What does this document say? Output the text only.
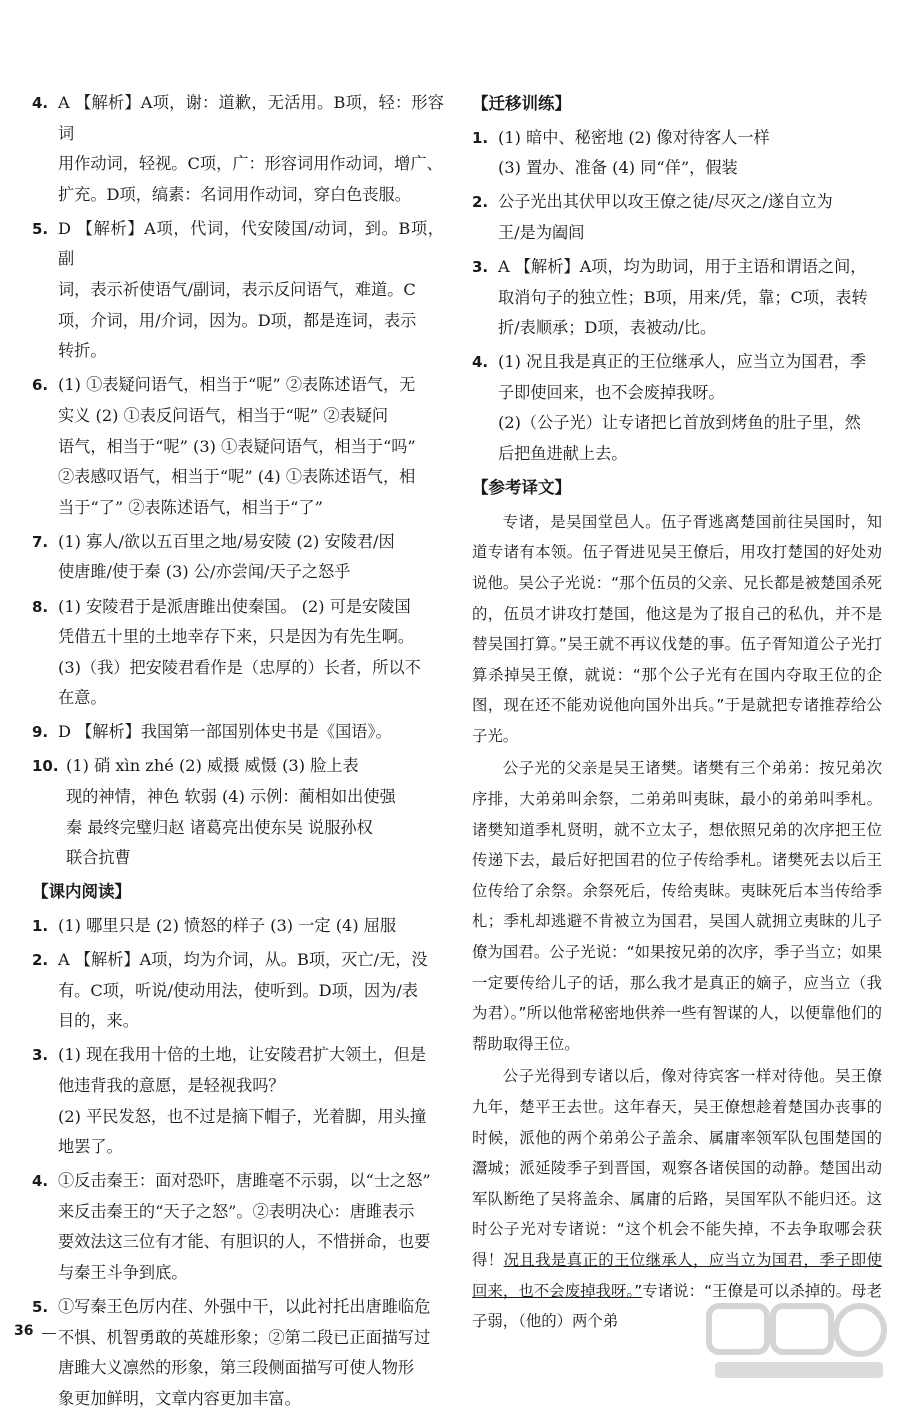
4. A 【解析】A项，谢：道歉，无活用。B项，轻：形容词
用作动词，轻视。C项，广：形容词用作动词，增广、
扩充。D项，缟素：名词用作动词，穿白色丧服。
5. D 【解析】A项，代词，代安陵国/动词，到。B项，副
词，表示祈使语气/副词，表示反问语气，难道。C
项，介词，用/介词，因为。D项，都是连词，表示
转折。
6. (1) ①表疑问语气，相当于“呢” ②表陈述语气，无
实义 (2) ①表反问语气，相当于“呢” ②表疑问
语气，相当于“呢” (3) ①表疑问语气，相当于“吗”
②表感叹语气，相当于“呢” (4) ①表陈述语气，相
当于“了” ②表陈述语气，相当于“了”
7. (1) 寡人/欲以五百里之地/易安陵 (2) 安陵君/因
使唐雎/使于秦 (3) 公/亦尝闻/天子之怒乎
8. (1) 安陵君于是派唐雎出使秦国。 (2) 可是安陵国
凭借五十里的土地幸存下来，只是因为有先生啊。
(3)（我）把安陵君看作是（忠厚的）长者，所以不
在意。
9. D 【解析】我国第一部国别体史书是《国语》。
10. (1) 硝 xìn zhé (2) 威摄 威慑 (3) 脸上表
现的神情，神色 软弱 (4) 示例：蔺相如出使强
秦 最终完璧归赵 诸葛亮出使东吴 说服孙权
联合抗曹
【课内阅读】
1. (1) 哪里只是 (2) 愤怒的样子 (3) 一定 (4) 屈服
2. A 【解析】A项，均为介词，从。B项，灭亡/无，没
有。C项，听说/使动用法，使听到。D项，因为/表
目的，来。
3. (1) 现在我用十倍的土地，让安陵君扩大领土，但是
他违背我的意愿，是轻视我吗？
(2) 平民发怒，也不过是摘下帽子，光着脚，用头撞
地罢了。
4. ①反击秦王：面对恐吓，唐雎毫不示弱，以“士之怒”
来反击秦王的“天子之怒”。②表明决心：唐雎表示
要效法这三位有才能、有胆识的人，不惜拼命，也要
与秦王斗争到底。
5. ①写秦王色厉内荏、外强中干，以此衬托出唐雎临危
不惧、机智勇敢的英雄形象；②第二段已正面描写过
唐雎大义凛然的形象，第三段侧面描写可使人物形
象更加鲜明，文章内容更加丰富。
【迁移训练】
1. (1) 暗中、秘密地 (2) 像对待客人一样
(3) 置办、准备 (4) 同“佯”，假装
2. 公子光出其伏甲以攻王僚之徒/尽灭之/遂自立为
王/是为阖闾
3. A 【解析】A项，均为助词，用于主语和谓语之间，
取消句子的独立性；B项，用来/凭，靠；C项，表转
折/表顺承；D项，表被动/比。
4. (1) 况且我是真正的王位继承人，应当立为国君，季
子即使回来，也不会废掉我呀。
(2)（公子光）让专诸把匕首放到烤鱼的肚子里，然
后把鱼进献上去。
【参考译文】

专诸，是吴国堂邑人。伍子胥逃离楚国前往吴国时，知道专诸有本领。伍子胥进见吴王僚后，用攻打楚国的好处劝说他。吴公子光说：“那个伍员的父亲、兄长都是被楚国杀死的，伍员才讲攻打楚国，他这是为了报自己的私仇，并不是替吴国打算。”吴王就不再议伐楚的事。伍子胥知道公子光打算杀掉吴王僚，就说：“那个公子光有在国内夺取王位的企图，现在还不能劝说他向国外出兵。”于是就把专诸推荐给公子光。

公子光的父亲是吴王诸樊。诸樊有三个弟弟：按兄弟次序排，大弟弟叫余祭，二弟弟叫夷眜，最小的弟弟叫季札。诸樊知道季札贤明，就不立太子，想依照兄弟的次序把王位传递下去，最后好把国君的位子传给季札。诸樊死去以后王位传给了余祭。余祭死后，传给夷眜。夷眜死后本当传给季札；季札却逃避不肯被立为国君，吴国人就拥立夷眜的儿子僚为国君。公子光说：“如果按兄弟的次序，季子当立；如果一定要传给儿子的话，那么我才是真正的嫡子，应当立（我为君）。”所以他常秘密地供养一些有智谋的人，以便靠他们的帮助取得王位。

公子光得到专诸以后，像对待宾客一样对待他。吴王僚九年，楚平王去世。这年春天，吴王僚想趁着楚国办丧事的时候，派他的两个弟弟公子盖余、属庸率领军队包围楚国的灊城；派延陵季子到晋国，观察各诸侯国的动静。楚国出动军队断绝了吴将盖余、属庸的后路，吴国军队不能归还。这时公子光对专诸说：“这个机会不能失掉，不去争取哪会获得！况且我是真正的王位继承人，应当立为国君，季子即使回来，也不会废掉我呀。”专诸说：“王僚是可以杀掉的。母老子弱，（他的）两个弟

36
